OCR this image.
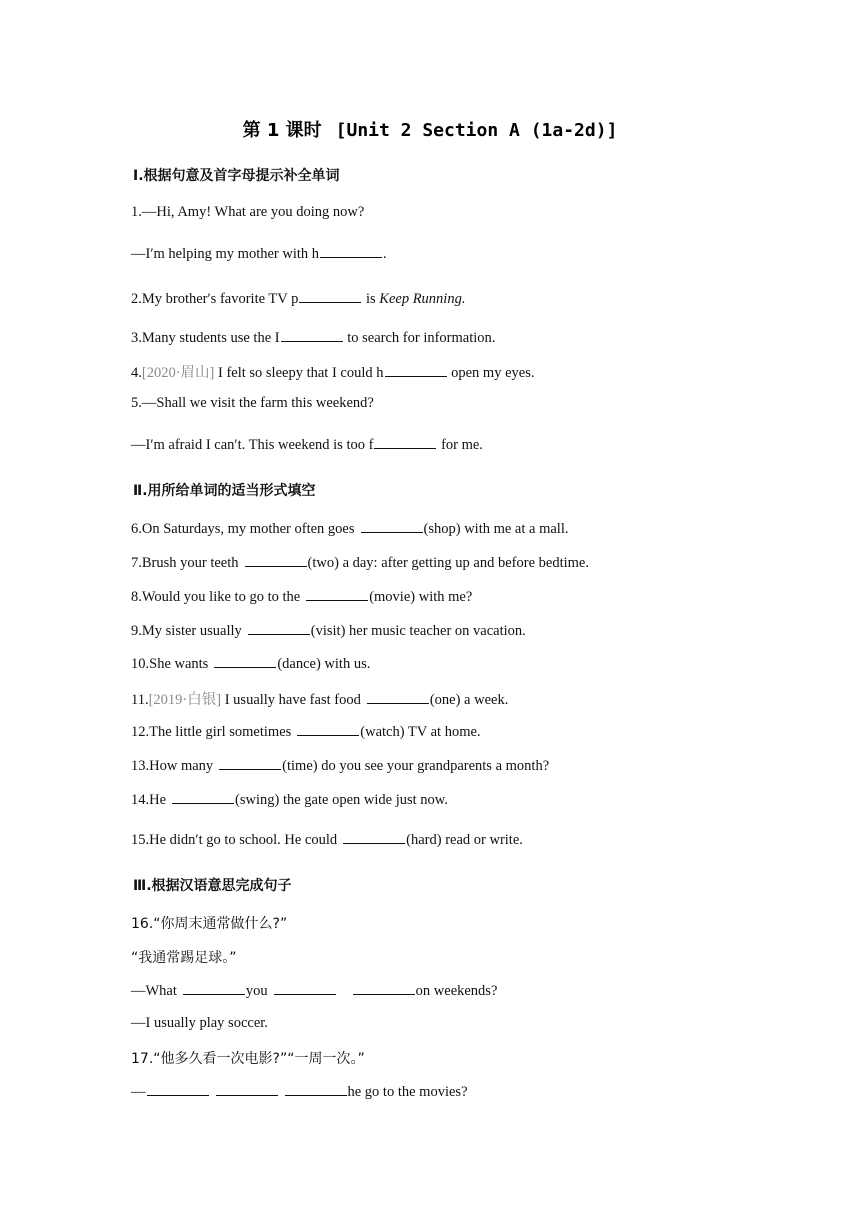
第 1 课时 [Unit 2 Section A (1a-2d)]
Ⅰ.根据句意及首字母提示补全单词
1.—Hi, Amy! What are you doing now?
—I′m helping my mother with h	.
2.My brother′s favorite TV p	is Keep Running.
3.Many students use the I	to search for information.
4.[2020·眉山] I felt so sleepy that I could h	open my eyes.
5.—Shall we visit the farm this weekend?
—I′m afraid I can′t. This weekend is too f	for me.
Ⅱ.用所给单词的适当形式填空
6.On Saturdays, my mother often goes	(shop) with me at a mall.
7.Brush your teeth	(two) a day: after getting up and before bedtime.
8.Would you like to go to the	(movie) with me?
9.My sister usually	(visit) her music teacher on vacation.
10.She wants	(dance) with us.
11.[2019·白银] I usually have fast food	(one) a week.
12.The little girl sometimes	(watch) TV at home.
13.How many	(time) do you see your grandparents a month?
14.He	(swing) the gate open wide just now.
15.He didn′t go to school. He could	(hard) read or write.
Ⅲ.根据汉语意思完成句子
16.“你周末通常做什么?”
“我通常踢足球。”
—What	you	on weekends?
—I usually play soccer.
17.“他多久看一次电影?”“一周一次。”
—	he go to the movies?
